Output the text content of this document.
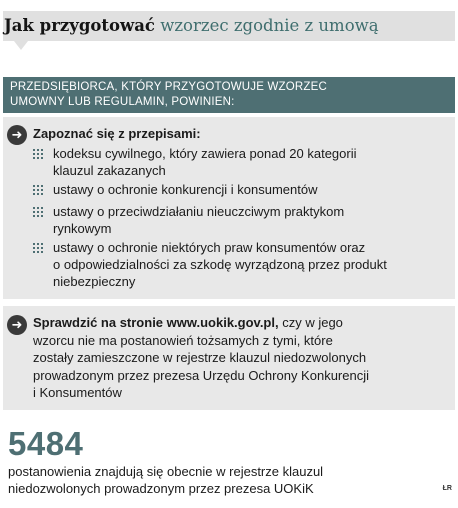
Jak przygotować wzorzec zgodnie z umową
PRZEDSIĘBIORCA, KTÓRY PRZYGOTOWUJE WZORZEC
UMOWNY LUB REGULAMIN, POWINIEN:
➜ Zapoznać się z przepisami:
kodeksu cywilnego, który zawiera ponad 20 kategorii
klauzul zakazanych
ustawy o ochronie konkurencji i konsumentów
ustawy o przeciwdziałaniu nieuczciwym praktykom
rynkowym
ustawy o ochronie niektórych praw konsumentów oraz
o odpowiedzialności za szkodę wyrządzoną przez produkt
niebezpieczny
➜ Sprawdzić na stronie www.uokik.gov.pl, czy w jego
wzorcu nie ma postanowień tożsamych z tymi, które
zostały zamieszczone w rejestrze klauzul niedozwolonych
prowadzonym przez prezesa Urzędu Ochrony Konkurencji
i Konsumentów
5484
postanowienia znajdują się obecnie w rejestrze klauzul
niedozwolonych prowadzonym przez prezesa UOKiK	ŁR
